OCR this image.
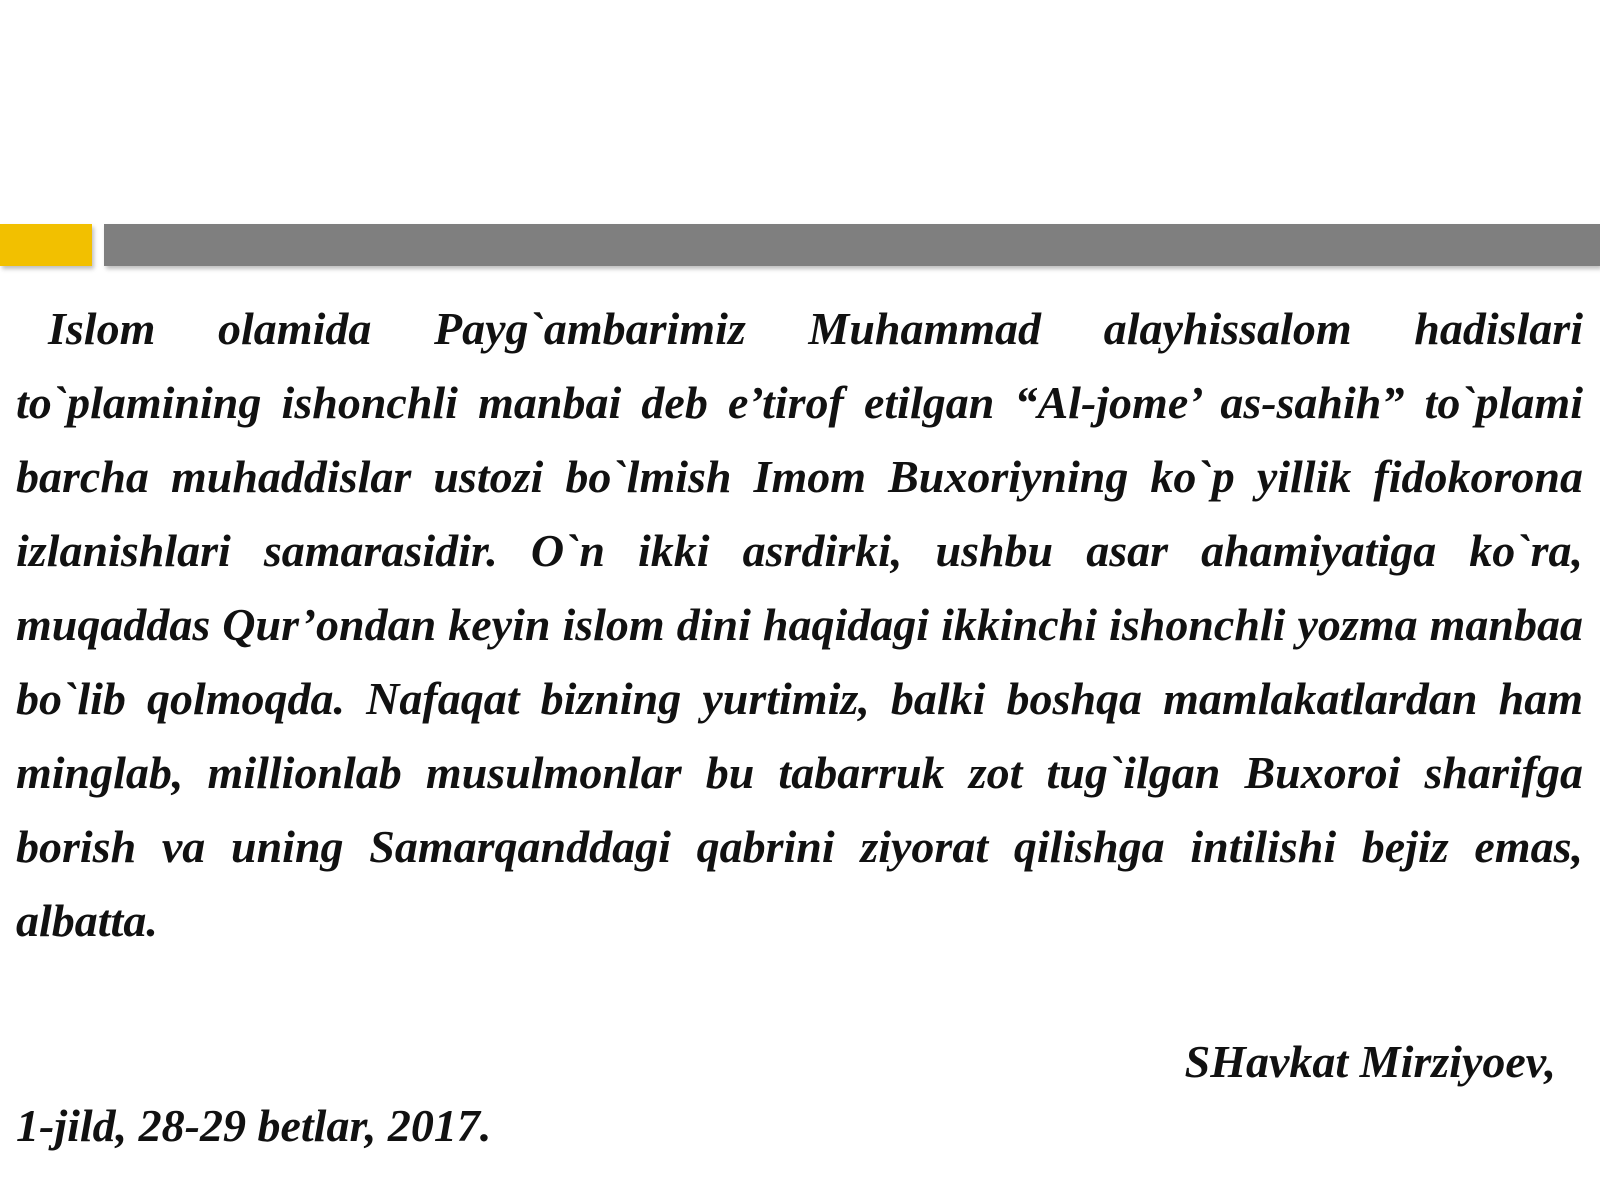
Islom olamida Payg`ambarimiz Muhammad alayhissalom hadislari to`plamining ishonchli manbai deb e’tirof etilgan “Al-jome’ as-sahih” to`plami barcha muhaddislar ustozi bo`lmish Imom Buxoriyning ko`p yillik fidokorona izlanishlari samarasidir. O`n ikki asrdirki, ushbu asar ahamiyatiga ko`ra, muqaddas Qur’ondan keyin islom dini haqidagi ikkinchi ishonchli yozma manbaa bo`lib qolmoqda. Nafaqat bizning yurtimiz, balki boshqa mamlakatlardan ham minglab, millionlab musulmonlar bu tabarruk zot tug`ilgan Buxoroi sharifga borish va uning Samarqanddagi qabrini ziyorat qilishga intilishi bejiz emas, albatta.

SHavkat Mirziyoev,

1-jild, 28-29 betlar, 2017.
